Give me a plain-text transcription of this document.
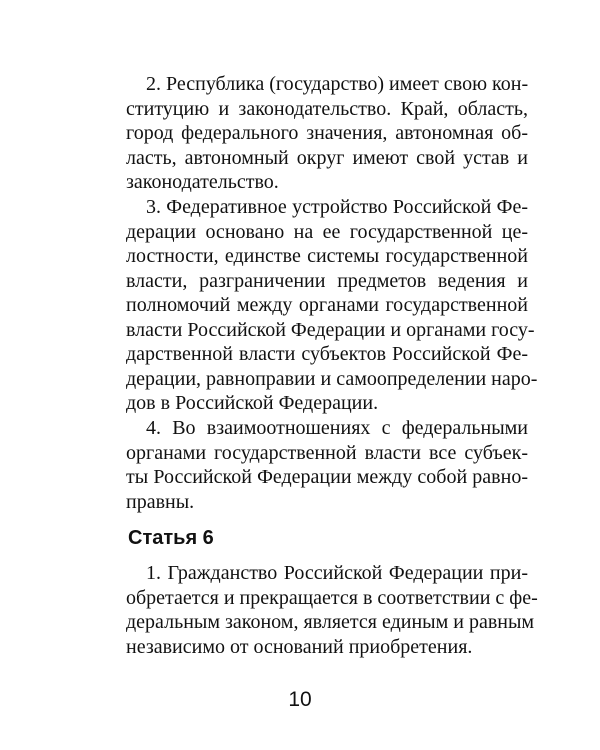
2. Республика (государство) имеет свою кон-
ституцию и законодательство. Край, область,
город федерального значения, автономная об-
ласть, автономный округ имеют свой устав и
законодательство.
3. Федеративное устройство Российской Фе-
дерации основано на ее государственной це-
лостности, единстве системы государственной
власти, разграничении предметов ведения и
полномочий между органами государственной
власти Российской Федерации и органами госу-
дарственной власти субъектов Российской Фе-
дерации, равноправии и самоопределении наро-
дов в Российской Федерации.
4. Во взаимоотношениях с федеральными
органами государственной власти все субъек-
ты Российской Федерации между собой равно-
правны.
Статья 6
1. Гражданство Российской Федерации при-
обретается и прекращается в соответствии с фе-
деральным законом, является единым и равным
независимо от оснований приобретения.
10
